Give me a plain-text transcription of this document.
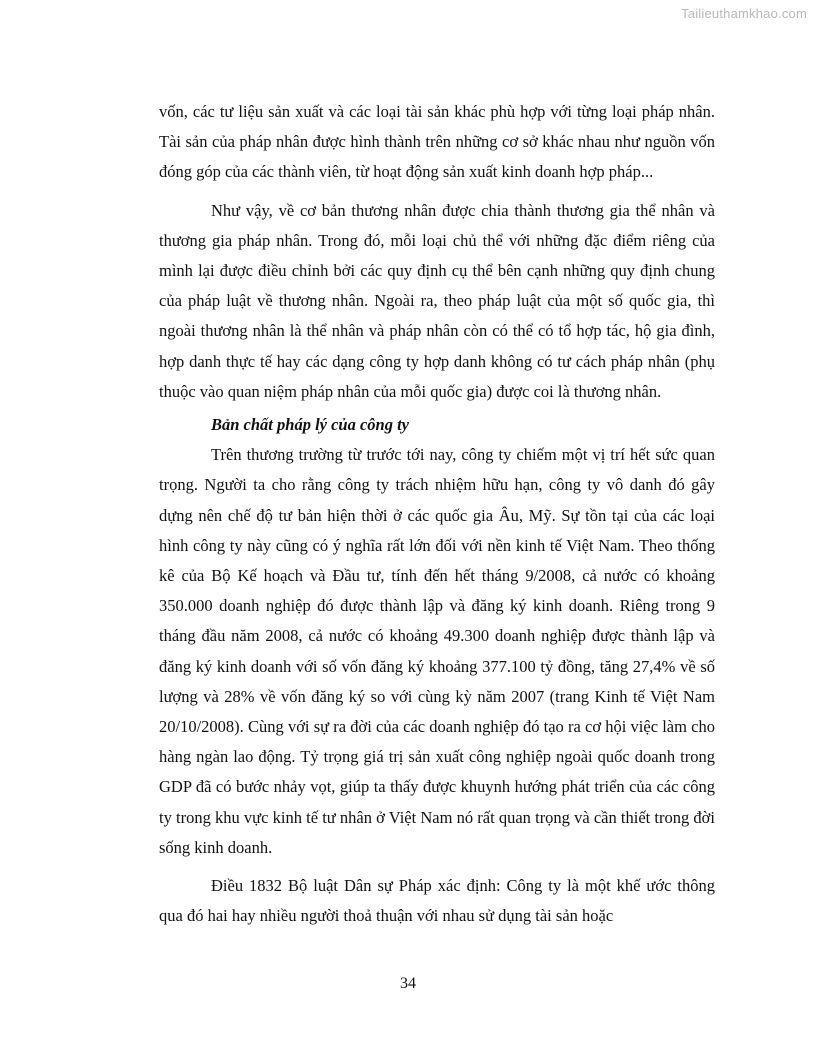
Tailieuthamkhao.com

vốn, các tư liệu sản xuất và các loại tài sản khác phù hợp với từng loại pháp nhân. Tài sản của pháp nhân được hình thành trên những cơ sở khác nhau như nguồn vốn đóng góp của các thành viên, từ hoạt động sản xuất kinh doanh hợp pháp...

Như vậy, về cơ bản thương nhân được chia thành thương gia thể nhân và thương gia pháp nhân. Trong đó, mỗi loại chủ thể với những đặc điểm riêng của mình lại được điều chỉnh bởi các quy định cụ thể bên cạnh những quy định chung của pháp luật về thương nhân. Ngoài ra, theo pháp luật của một số quốc gia, thì ngoài thương nhân là thể nhân và pháp nhân còn có thể có tổ hợp tác, hộ gia đình, hợp danh thực tế hay các dạng công ty hợp danh không có tư cách pháp nhân (phụ thuộc vào quan niệm pháp nhân của mỗi quốc gia) được coi là thương nhân.

Bản chất pháp lý của công ty

Trên thương trường từ trước tới nay, công ty chiếm một vị trí hết sức quan trọng. Người ta cho rằng công ty trách nhiệm hữu hạn, công ty vô danh đó gây dựng nên chế độ tư bản hiện thời ở các quốc gia Âu, Mỹ. Sự tồn tại của các loại hình công ty này cũng có ý nghĩa rất lớn đối với nền kinh tế Việt Nam. Theo thống kê của Bộ Kế hoạch và Đầu tư, tính đến hết tháng 9/2008, cả nước có khoảng 350.000 doanh nghiệp đó được thành lập và đăng ký kinh doanh. Riêng trong 9 tháng đầu năm 2008, cả nước có khoảng 49.300 doanh nghiệp được thành lập và đăng ký kinh doanh với số vốn đăng ký khoảng 377.100 tỷ đồng, tăng 27,4% về số lượng và 28% về vốn đăng ký so với cùng kỳ năm 2007 (trang Kinh tế Việt Nam 20/10/2008). Cùng với sự ra đời của các doanh nghiệp đó tạo ra cơ hội việc làm cho hàng ngàn lao động. Tỷ trọng giá trị sản xuất công nghiệp ngoài quốc doanh trong GDP đã có bước nhảy vọt, giúp ta thấy được khuynh hướng phát triển của các công ty trong khu vực kinh tế tư nhân ở Việt Nam nó rất quan trọng và cần thiết trong đời sống kinh doanh.

Điều 1832 Bộ luật Dân sự Pháp xác định: Công ty là một khế ước thông qua đó hai hay nhiều người thoả thuận với nhau sử dụng tài sản hoặc

34
